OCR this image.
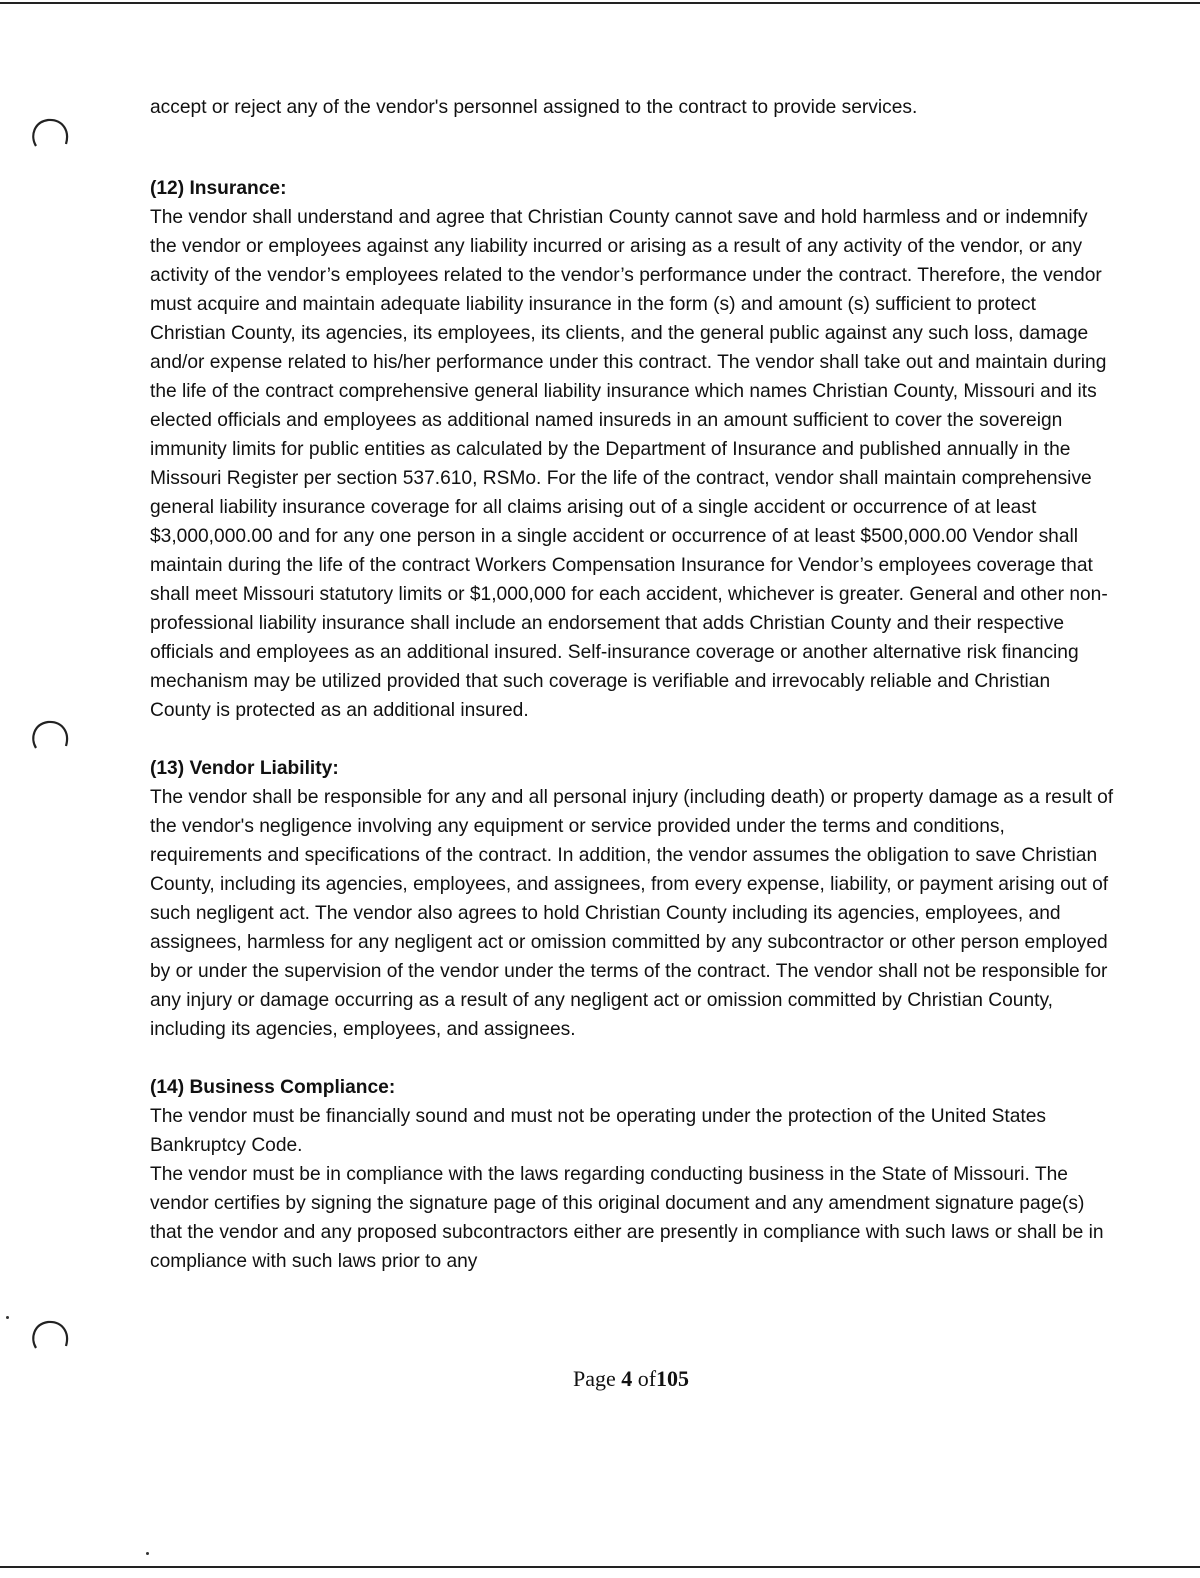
accept or reject any of the vendor's personnel assigned to the contract to provide services.

(12) Insurance:

The vendor shall understand and agree that Christian County cannot save and hold harmless and or indemnify the vendor or employees against any liability incurred or arising as a result of any activity of the vendor, or any activity of the vendor’s employees related to the vendor’s performance under the contract. Therefore, the vendor must acquire and maintain adequate liability insurance in the form (s) and amount (s) sufficient to protect Christian County, its agencies, its employees, its clients, and the general public against any such loss, damage and/or expense related to his/her performance under this contract. The vendor shall take out and maintain during the life of the contract comprehensive general liability insurance which names Christian County, Missouri and its elected officials and employees as additional named insureds in an amount sufficient to cover the sovereign immunity limits for public entities as calculated by the Department of Insurance and published annually in the Missouri Register per section 537.610, RSMo. For the life of the contract, vendor shall maintain comprehensive general liability insurance coverage for all claims arising out of a single accident or occurrence of at least $3,000,000.00 and for any one person in a single accident or occurrence of at least $500,000.00 Vendor shall maintain during the life of the contract Workers Compensation Insurance for Vendor’s employees coverage that shall meet Missouri statutory limits or $1,000,000 for each accident, whichever is greater. General and other non-professional liability insurance shall include an endorsement that adds Christian County and their respective officials and employees as an additional insured. Self-insurance coverage or another alternative risk financing mechanism may be utilized provided that such coverage is verifiable and irrevocably reliable and Christian County is protected as an additional insured.

(13) Vendor Liability:

The vendor shall be responsible for any and all personal injury (including death) or property damage as a result of the vendor's negligence involving any equipment or service provided under the terms and conditions, requirements and specifications of the contract. In addition, the vendor assumes the obligation to save Christian County, including its agencies, employees, and assignees, from every expense, liability, or payment arising out of such negligent act. The vendor also agrees to hold Christian County including its agencies, employees, and assignees, harmless for any negligent act or omission committed by any subcontractor or other person employed by or under the supervision of the vendor under the terms of the contract. The vendor shall not be responsible for any injury or damage occurring as a result of any negligent act or omission committed by Christian County, including its agencies, employees, and assignees.

(14) Business Compliance:

The vendor must be financially sound and must not be operating under the protection of the United States Bankruptcy Code.

The vendor must be in compliance with the laws regarding conducting business in the State of Missouri. The vendor certifies by signing the signature page of this original document and any amendment signature page(s) that the vendor and any proposed subcontractors either are presently in compliance with such laws or shall be in compliance with such laws prior to any

Page 4 of105
